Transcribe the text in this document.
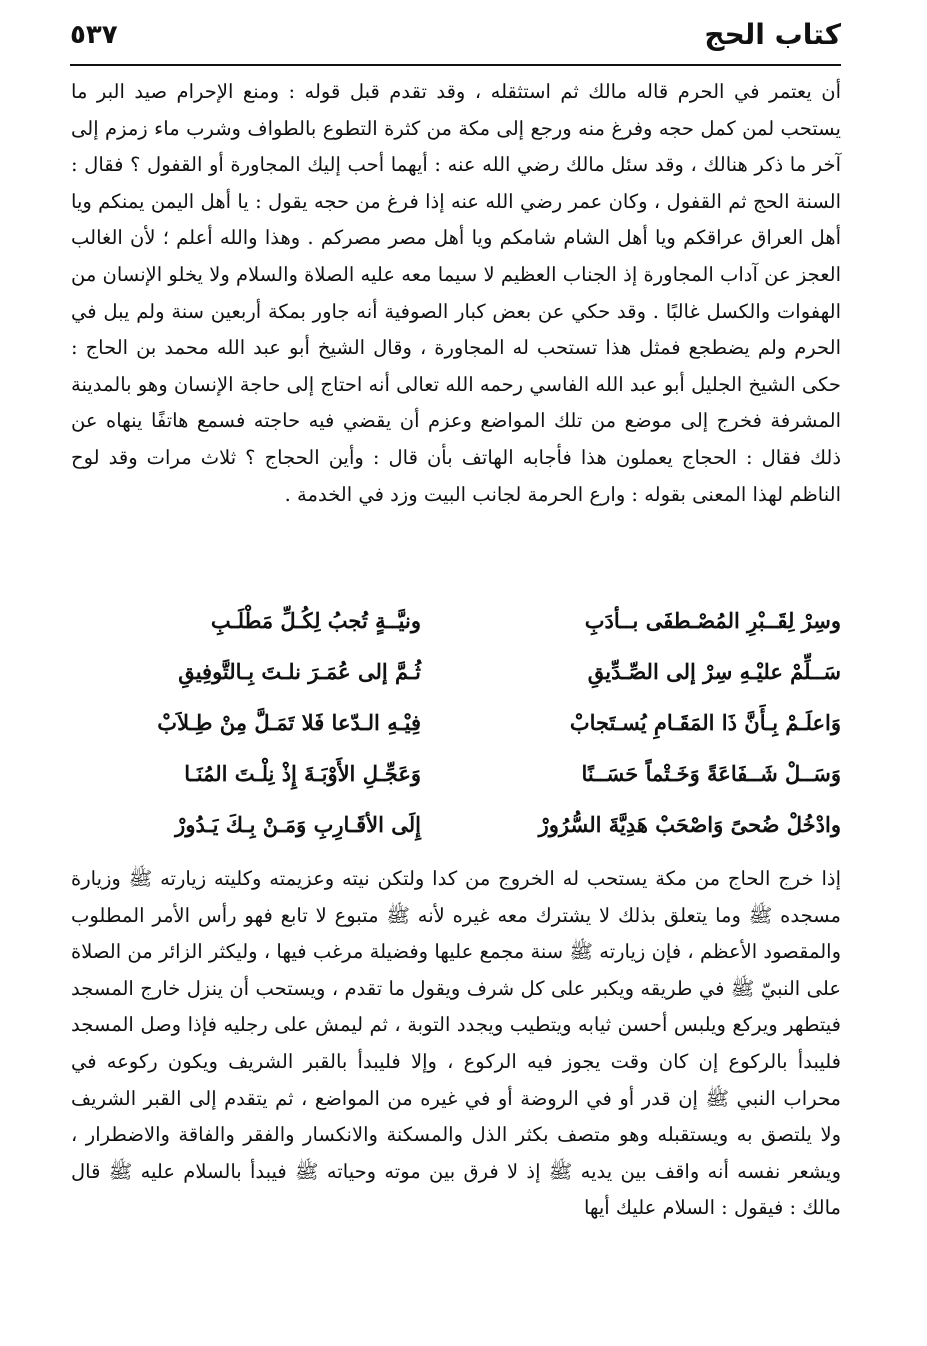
كتاب الحج
٥٣٧

أن يعتمر في الحرم قاله مالك ثم استثقله ، وقد تقدم قبل قوله : ومنع الإحرام صيد البر ما يستحب لمن كمل حجه وفرغ منه ورجع إلى مكة من كثرة التطوع بالطواف وشرب ماء زمزم إلى آخر ما ذكر هنالك ، وقد سئل مالك رضي الله عنه : أيهما أحب إليك المجاورة أو القفول ؟ فقال : السنة الحج ثم القفول ، وكان عمر رضي الله عنه إذا فرغ من حجه يقول : يا أهل اليمن يمنكم ويا أهل العراق عراقكم ويا أهل الشام شامكم ويا أهل مصر مصركم . وهذا والله أعلم ؛ لأن الغالب العجز عن آداب المجاورة إذ الجناب العظيم لا سيما معه عليه الصلاة والسلام ولا يخلو الإنسان من الهفوات والكسل غالبًا . وقد حكي عن بعض كبار الصوفية أنه جاور بمكة أربعين سنة ولم يبل في الحرم ولم يضطجع فمثل هذا تستحب له المجاورة ، وقال الشيخ أبو عبد الله محمد بن الحاج : حكى الشيخ الجليل أبو عبد الله الفاسي رحمه الله تعالى أنه احتاج إلى حاجة الإنسان وهو بالمدينة المشرفة فخرج إلى موضع من تلك المواضع وعزم أن يقضي فيه حاجته فسمع هاتفًا ينهاه عن ذلك فقال : الحجاج يعملون هذا فأجابه الهاتف بأن قال : وأين الحجاج ؟ ثلاث مرات وقد لوح الناظم لهذا المعنى بقوله : وارع الحرمة لجانب البيت وزد في الخدمة .

وسِرْ لِقَــبْرِ المُصْـطفَى بــأدَبِ
ونيَّــةٍ تُجبُ لِكُـلِّ مَطْلَـبِ
سَــلِّمْ عليْـهِ سِرْ إلى الصِّـدِّيقِ
ثُـمَّ إلى عُمَـرَ نلـتَ بِـالتَّوفِيقِ
وَاعلَـمْ بِـأَنَّ ذَا المَقَـامِ يُسـتَجابْ
فِيْـهِ الـدّعا فَلا تَمَـلَّ مِنْ طِـلاَبْ
وَسَــلْ شَــفَاعَةً وَخَـتْماً حَسَــنًا
وَعَجِّـلِ الأَوْبَـةَ إِذْ نِلْـتَ المُنَـا
وادْخُلْ ضُحىً وَاصْحَبْ هَدِيَّةَ السُّرُورْ
إِلَى الأقَـارِبِ وَمَـنْ بِـكَ يَـدُورْ

إذا خرج الحاج من مكة يستحب له الخروج من كدا ولتكن نيته وعزيمته وكليته زيارته ﷺ وزيارة مسجده ﷺ وما يتعلق بذلك لا يشترك معه غيره لأنه ﷺ متبوع لا تابع فهو رأس الأمر المطلوب والمقصود الأعظم ، فإن زيارته ﷺ سنة مجمع عليها وفضيلة مرغب فيها ، وليكثر الزائر من الصلاة على النبيّ ﷺ في طريقه ويكبر على كل شرف ويقول ما تقدم ، ويستحب أن ينزل خارج المسجد فيتطهر ويركع ويلبس أحسن ثيابه ويتطيب ويجدد التوبة ، ثم ليمش على رجليه فإذا وصل المسجد فليبدأ بالركوع إن كان وقت يجوز فيه الركوع ، وإلا فليبدأ بالقبر الشريف ويكون ركوعه في محراب النبي ﷺ إن قدر أو في الروضة أو في غيره من المواضع ، ثم يتقدم إلى القبر الشريف ولا يلتصق به ويستقبله وهو متصف بكثر الذل والمسكنة والانكسار والفقر والفاقة والاضطرار ، ويشعر نفسه أنه واقف بين يديه ﷺ إذ لا فرق بين موته وحياته ﷺ فيبدأ بالسلام عليه ﷺ قال مالك : فيقول : السلام عليك أيها
